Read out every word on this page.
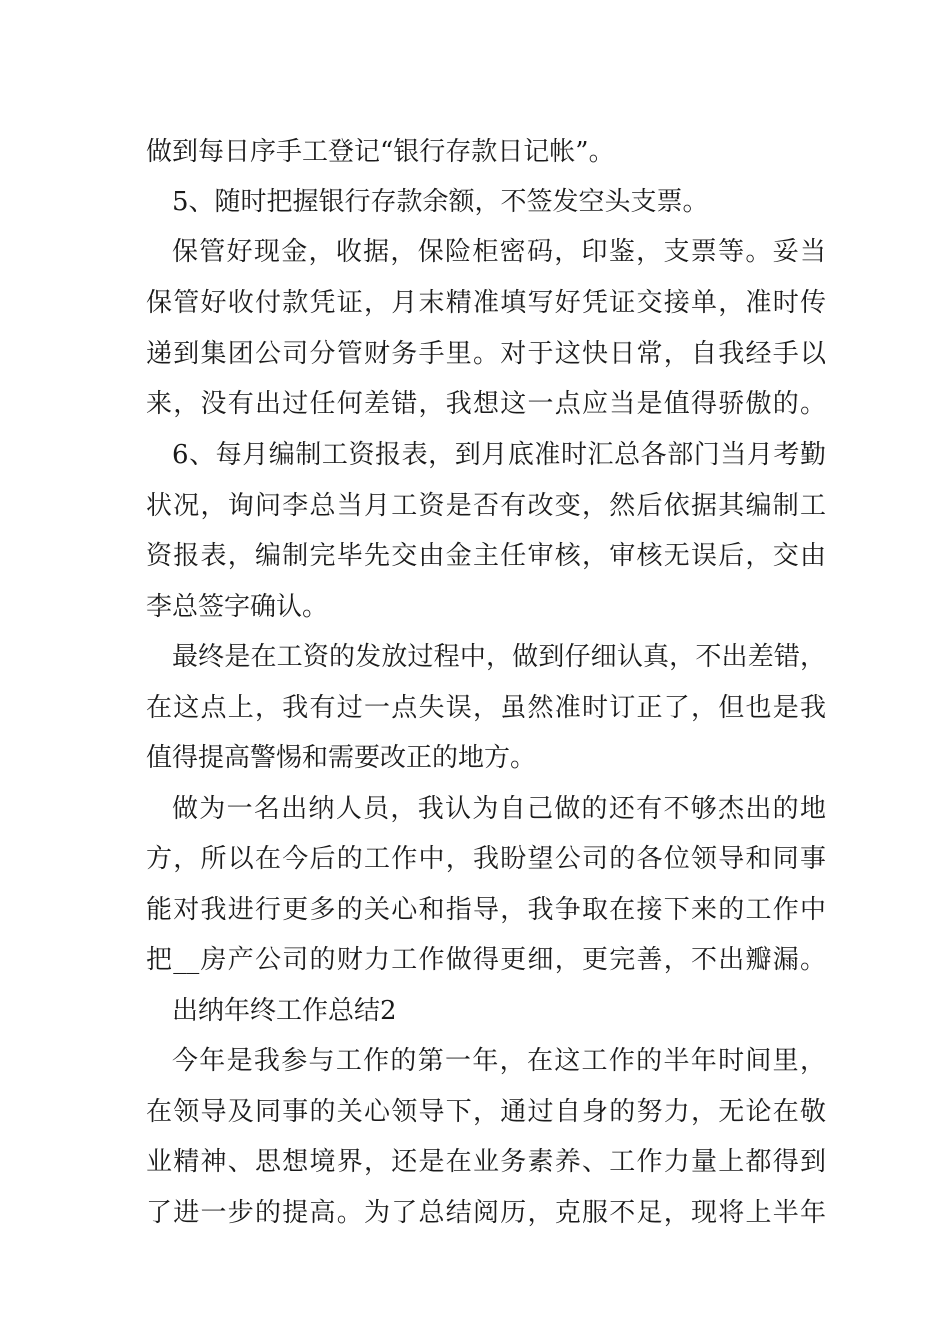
做到每日序手工登记“银行存款日记帐”。
5、随时把握银行存款余额，不签发空头支票。
保管好现金，收据，保险柜密码，印鉴，支票等。妥当
保管好收付款凭证，月末精准填写好凭证交接单，准时传
递到集团公司分管财务手里。对于这快日常，自我经手以
来，没有出过任何差错，我想这一点应当是值得骄傲的。
6、每月编制工资报表，到月底准时汇总各部门当月考勤
状况，询问李总当月工资是否有改变，然后依据其编制工
资报表，编制完毕先交由金主任审核，审核无误后，交由
李总签字确认。
最终是在工资的发放过程中，做到仔细认真，不出差错，
在这点上，我有过一点失误，虽然准时订正了，但也是我
值得提高警惕和需要改正的地方。
做为一名出纳人员，我认为自己做的还有不够杰出的地
方，所以在今后的工作中，我盼望公司的各位领导和同事
能对我进行更多的关心和指导，我争取在接下来的工作中
把__房产公司的财力工作做得更细，更完善，不出瓣漏。
出纳年终工作总结2
今年是我参与工作的第一年，在这工作的半年时间里，
在领导及同事的关心领导下，通过自身的努力，无论在敬
业精神、思想境界，还是在业务素养、工作力量上都得到
了进一步的提高。为了总结阅历，克服不足，现将上半年
